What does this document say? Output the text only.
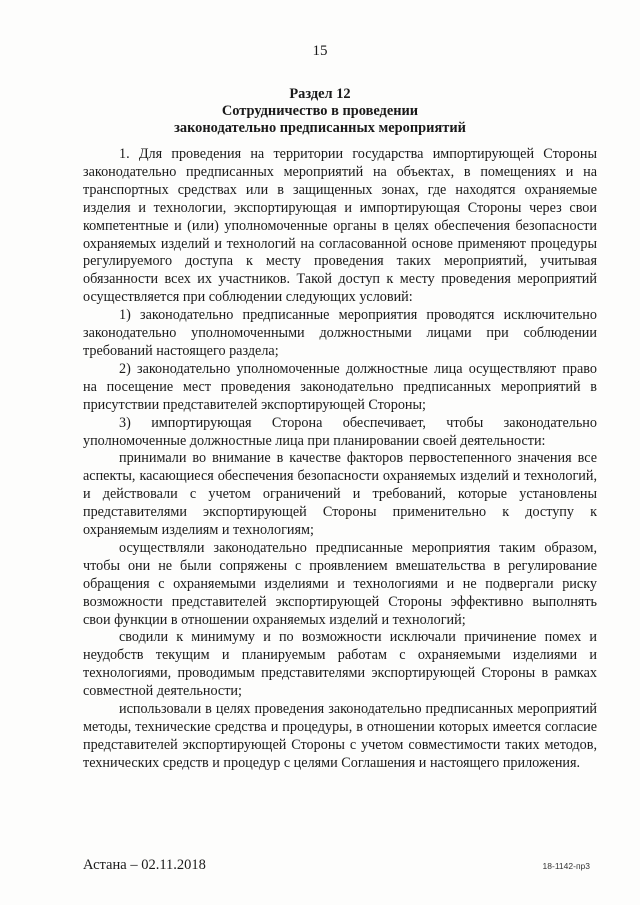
15
Раздел 12
Сотрудничество в проведении
законодательно предписанных мероприятий

1. Для проведения на территории государства импортирующей Стороны законодательно предписанных мероприятий на объектах, в помещениях и на транспортных средствах или в защищенных зонах, где находятся охраняемые изделия и технологии, экспортирующая и импортирующая Стороны через свои компетентные и (или) уполномоченные органы в целях обеспечения безопасности охраняемых изделий и технологий на согласованной основе применяют процедуры регулируемого доступа к месту проведения таких мероприятий, учитывая обязанности всех их участников. Такой доступ к месту проведения мероприятий осуществляется при соблюдении следующих условий:

1) законодательно предписанные мероприятия проводятся исключительно законодательно уполномоченными должностными лицами при соблюдении требований настоящего раздела;

2) законодательно уполномоченные должностные лица осуществляют право на посещение мест проведения законодательно предписанных мероприятий в присутствии представителей экспортирующей Стороны;

3) импортирующая Сторона обеспечивает, чтобы законодательно уполномоченные должностные лица при планировании своей деятельности:

принимали во внимание в качестве факторов первостепенного значения все аспекты, касающиеся обеспечения безопасности охраняемых изделий и технологий, и действовали с учетом ограничений и требований, которые установлены представителями экспортирующей Стороны применительно к доступу к охраняемым изделиям и технологиям;

осуществляли законодательно предписанные мероприятия таким образом, чтобы они не были сопряжены с проявлением вмешательства в регулирование обращения с охраняемыми изделиями и технологиями и не подвергали риску возможности представителей экспортирующей Стороны эффективно выполнять свои функции в отношении охраняемых изделий и технологий;

сводили к минимуму и по возможности исключали причинение помех и неудобств текущим и планируемым работам с охраняемыми изделиями и технологиями, проводимым представителями экспортирующей Стороны в рамках совместной деятельности;

использовали в целях проведения законодательно предписанных мероприятий методы, технические средства и процедуры, в отношении которых имеется согласие представителей экспортирующей Стороны с учетом совместимости таких методов, технических средств и процедур с целями Соглашения и настоящего приложения.

Астана – 02.11.2018	18-1142-пр3
